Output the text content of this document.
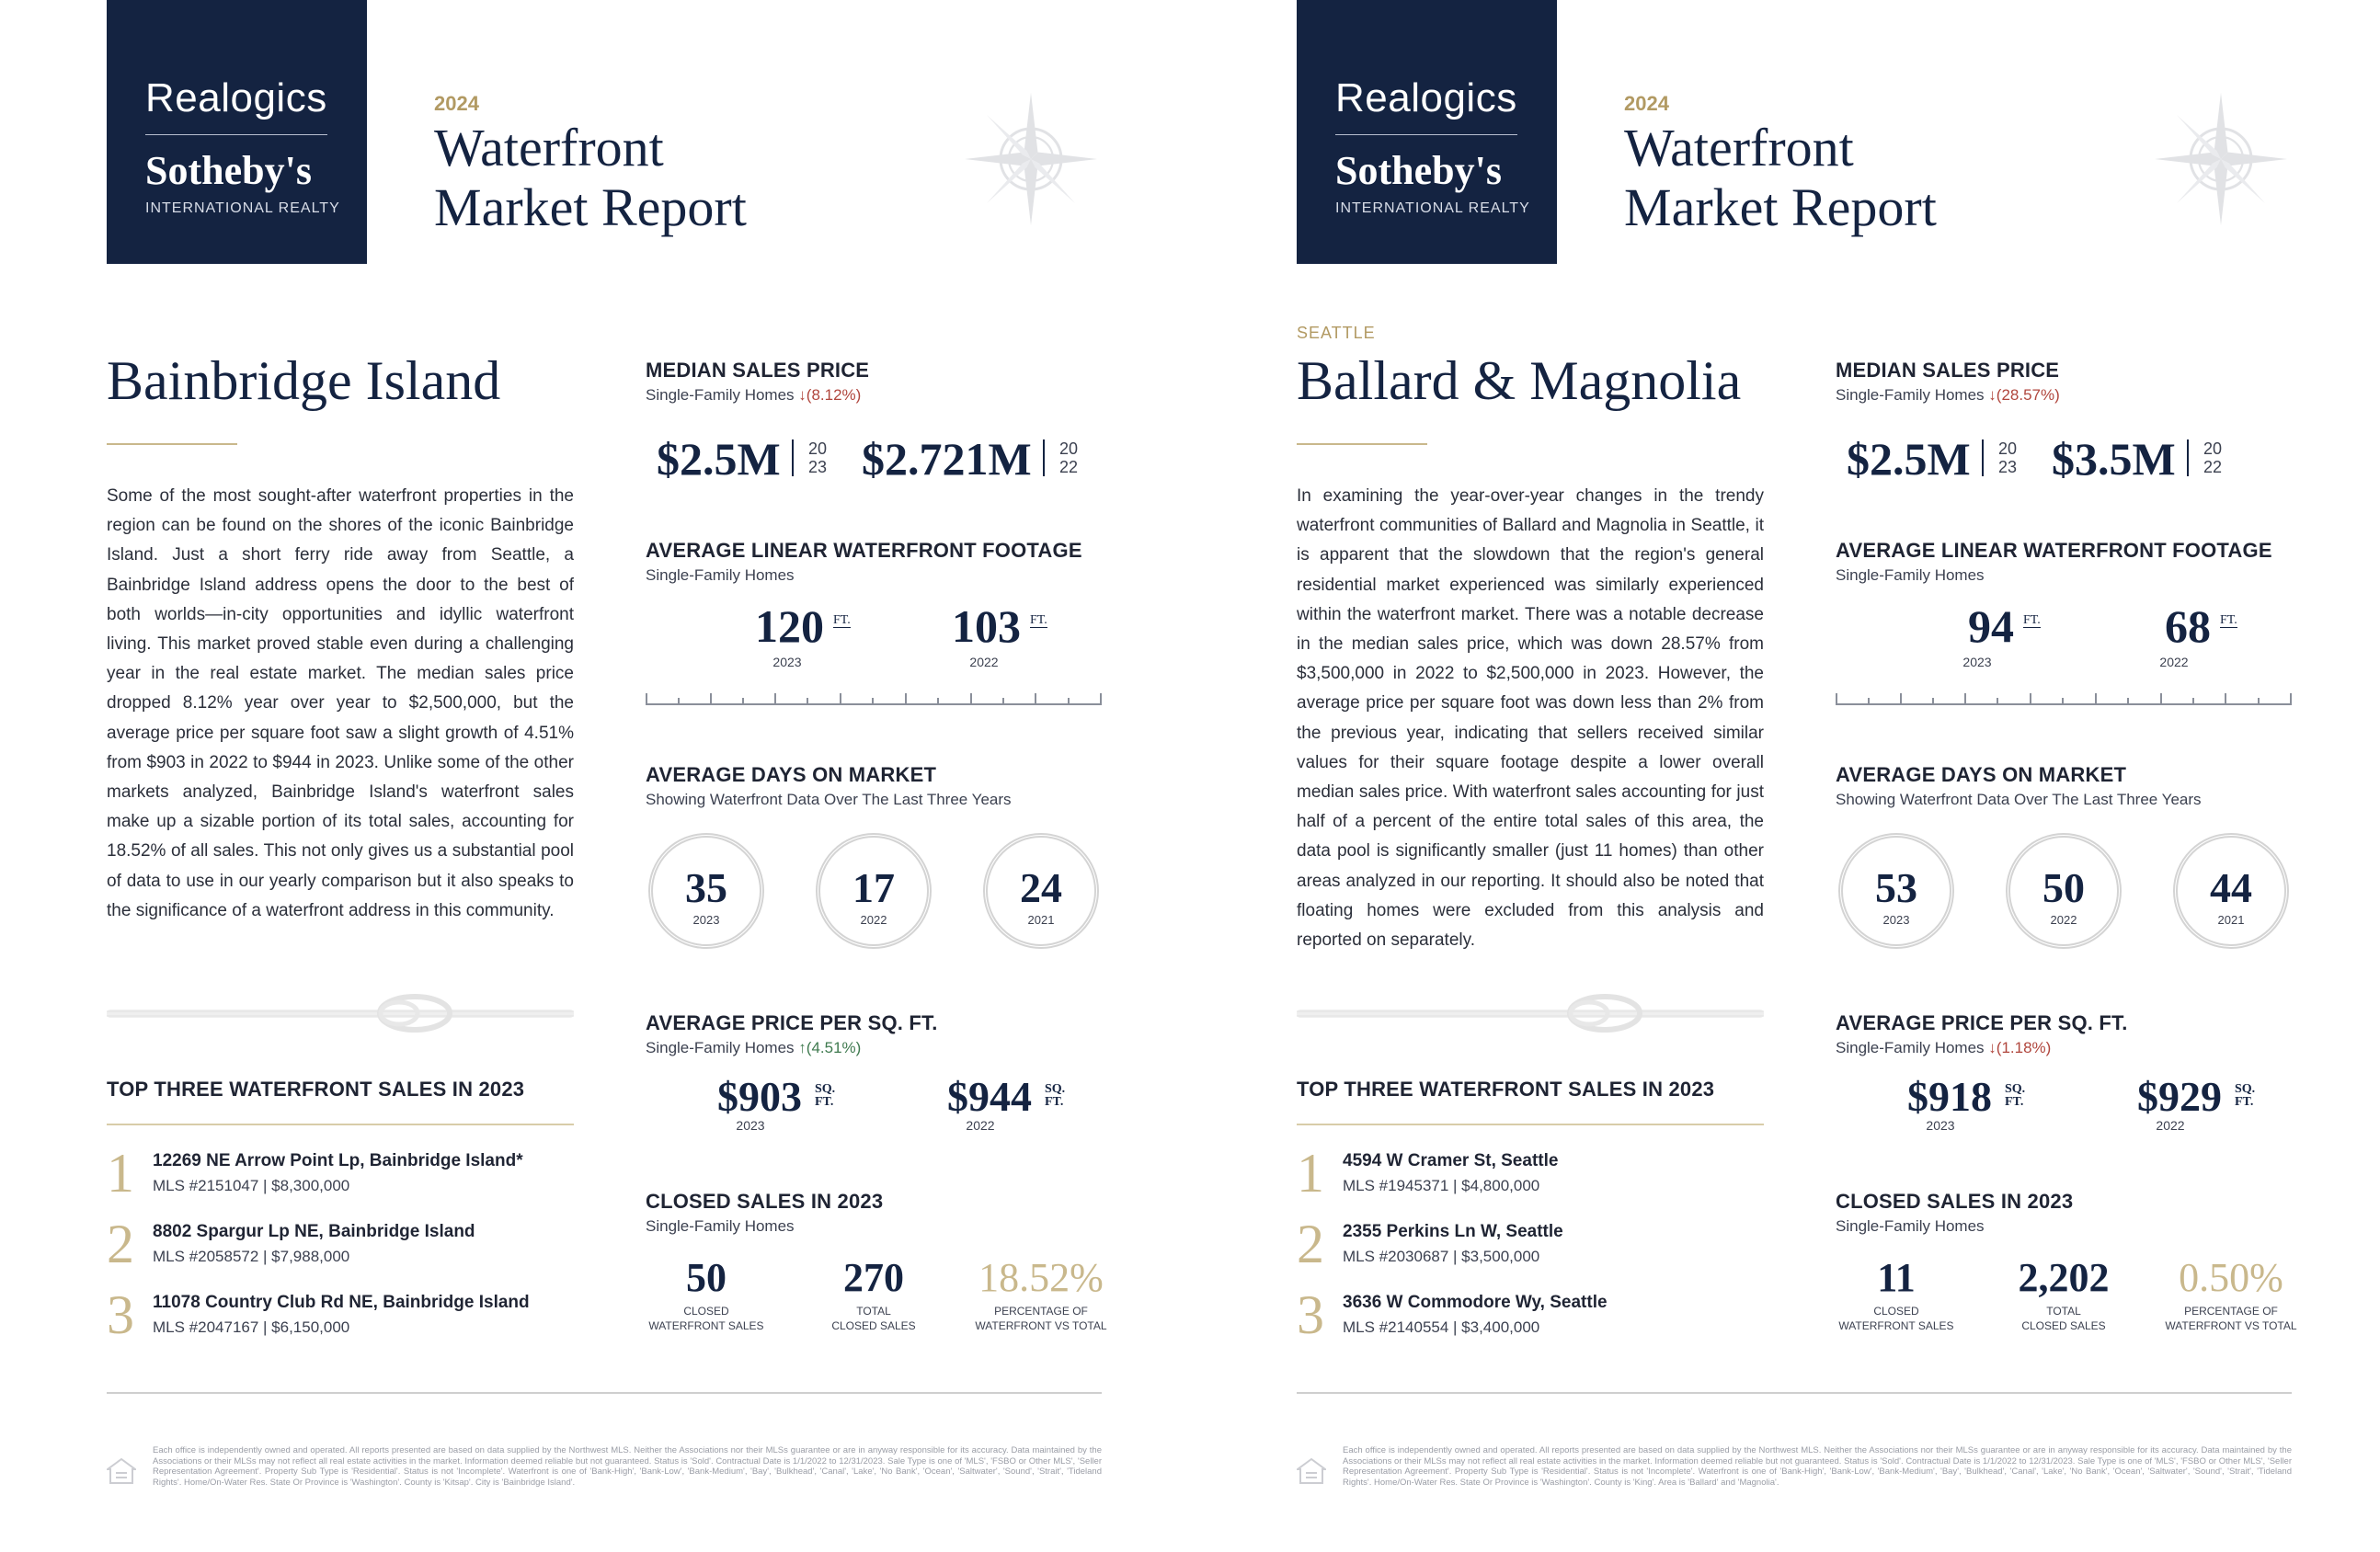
Realogics
Sotheby's
INTERNATIONAL REALTY
2024
Waterfront
Market Report
Bainbridge Island
Some of the most sought-after waterfront properties in the region can be found on the shores of the iconic Bainbridge Island. Just a short ferry ride away from Seattle, a Bainbridge Island address opens the door to the best of both worlds—in-city opportunities and idyllic waterfront living. This market proved stable even during a challenging year in the real estate market. The median sales price dropped 8.12% year over year to $2,500,000, but the average price per square foot saw a slight growth of 4.51% from $903 in 2022 to $944 in 2023. Unlike some of the other markets analyzed, Bainbridge Island's waterfront sales make up a sizable portion of its total sales, accounting for 18.52% of all sales. This not only gives us a substantial pool of data to use in our yearly comparison but it also speaks to the significance of a waterfront address in this community.
TOP THREE WATERFRONT SALES IN 2023
1 12269 NE Arrow Point Lp, Bainbridge Island*
MLS #2151047 | $8,300,000
2 8802 Spargur Lp NE, Bainbridge Island
MLS #2058572 | $7,988,000
3 11078 Country Club Rd NE, Bainbridge Island
MLS #2047167 | $6,150,000
MEDIAN SALES PRICE
Single-Family Homes ↓(8.12%)
$2.5M 20
23 $2.721M 20
22
AVERAGE LINEAR WATERFRONT FOOTAGE
Single-Family Homes
120 FT.
2023
103 FT.
2022
AVERAGE DAYS ON MARKET
Showing Waterfront Data Over The Last Three Years
35
2023
17
2022
24
2021
AVERAGE PRICE PER SQ. FT.
Single-Family Homes ↑(4.51%)
$903 SQ.
FT.
2023
$944 SQ.
FT.
2022
CLOSED SALES IN 2023
Single-Family Homes
50
CLOSED
WATERFRONT SALES
270
TOTAL
CLOSED SALES
18.52%
PERCENTAGE OF
WATERFRONT VS TOTAL
Each office is independently owned and operated. All reports presented are based on data supplied by the Northwest MLS. Neither the Associations nor their MLSs guarantee or are in anyway responsible for its accuracy. Data maintained by the Associations or their MLSs may not reflect all real estate activities in the market. Information deemed reliable but not guaranteed. Status is 'Sold'. Contractual Date is 1/1/2022 to 12/31/2023. Sale Type is one of 'MLS', 'FSBO or Other MLS', 'Seller Representation Agreement'. Property Sub Type is 'Residential'. Status is not 'Incomplete'. Waterfront is one of 'Bank-High', 'Bank-Low', 'Bank-Medium', 'Bay', 'Bulkhead', 'Canal', 'Lake', 'No Bank', 'Ocean', 'Saltwater', 'Sound', 'Strait', 'Tideland Rights'. Home/On-Water Res. State Or Province is 'Washington'. County is 'Kitsap'. City is 'Bainbridge Island'.
Realogics
Sotheby's
INTERNATIONAL REALTY
2024
Waterfront
Market Report
SEATTLE
Ballard & Magnolia
In examining the year-over-year changes in the trendy waterfront communities of Ballard and Magnolia in Seattle, it is apparent that the slowdown that the region's general residential market experienced was similarly experienced within the waterfront market. There was a notable decrease in the median sales price, which was down 28.57% from $3,500,000 in 2022 to $2,500,000 in 2023. However, the average price per square foot was down less than 2% from the previous year, indicating that sellers received similar values for their square footage despite a lower overall median sales price. With waterfront sales accounting for just half of a percent of the entire total sales of this area, the data pool is significantly smaller (just 11 homes) than other areas analyzed in our reporting. It should also be noted that floating homes were excluded from this analysis and reported on separately.
TOP THREE WATERFRONT SALES IN 2023
1 4594 W Cramer St, Seattle
MLS #1945371 | $4,800,000
2 2355 Perkins Ln W, Seattle
MLS #2030687 | $3,500,000
3 3636 W Commodore Wy, Seattle
MLS #2140554 | $3,400,000
MEDIAN SALES PRICE
Single-Family Homes ↓(28.57%)
$2.5M 20
23 $3.5M 20
22
AVERAGE LINEAR WATERFRONT FOOTAGE
Single-Family Homes
94 FT.
2023
68 FT.
2022
AVERAGE DAYS ON MARKET
Showing Waterfront Data Over The Last Three Years
53
2023
50
2022
44
2021
AVERAGE PRICE PER SQ. FT.
Single-Family Homes ↓(1.18%)
$918 SQ.
FT.
2023
$929 SQ.
FT.
2022
CLOSED SALES IN 2023
Single-Family Homes
11
CLOSED
WATERFRONT SALES
2,202
TOTAL
CLOSED SALES
0.50%
PERCENTAGE OF
WATERFRONT VS TOTAL
Each office is independently owned and operated. All reports presented are based on data supplied by the Northwest MLS. Neither the Associations nor their MLSs guarantee or are in anyway responsible for its accuracy. Data maintained by the Associations or their MLSs may not reflect all real estate activities in the market. Information deemed reliable but not guaranteed. Status is 'Sold'. Contractual Date is 1/1/2022 to 12/31/2023. Sale Type is one of 'MLS', 'FSBO or Other MLS', 'Seller Representation Agreement'. Property Sub Type is 'Residential'. Status is not 'Incomplete'. Waterfront is one of 'Bank-High', 'Bank-Low', 'Bank-Medium', 'Bay', 'Bulkhead', 'Canal', 'Lake', 'No Bank', 'Ocean', 'Saltwater', 'Sound', 'Strait', 'Tideland Rights'. Home/On-Water Res. State Or Province is 'Washington'. County is 'King'. Area is 'Ballard' and 'Magnolia'.
